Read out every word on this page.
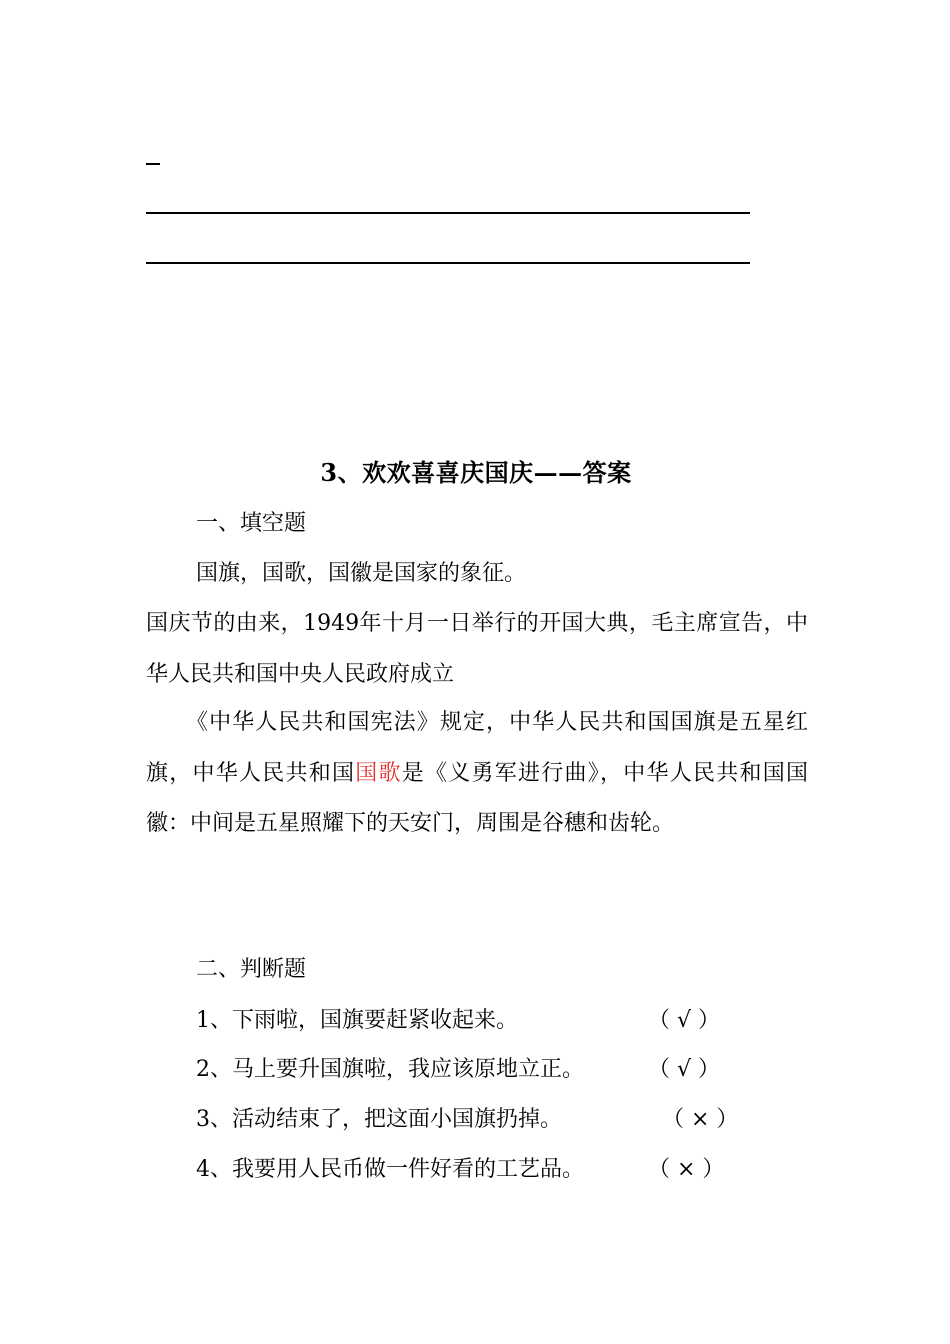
3、欢欢喜喜庆国庆——答案
一、填空题
国旗，国歌，国徽是国家的象征。
国庆节的由来，1949年十月一日举行的开国大典，毛主席宣告，中华人民共和国中央人民政府成立
《中华人民共和国宪法》规定，中华人民共和国国旗是五星红旗，中华人民共和国国歌是《义勇军进行曲》，中华人民共和国国徽：中间是五星照耀下的天安门，周围是谷穗和齿轮。
二、判断题
1、下雨啦，国旗要赶紧收起来。	（ √ ）
2、马上要升国旗啦，我应该原地立正。	（ √ ）
3、活动结束了，把这面小国旗扔掉。	（ × ）
4、我要用人民币做一件好看的工艺品。	（ × ）
